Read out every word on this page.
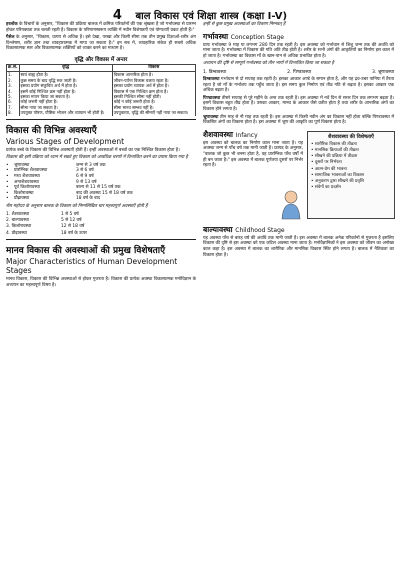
4 बाल विकास एवं शिक्षा शास्त्र (कक्षा I-V)

हरलॉक के विचारों के अनुसार, "विकास की प्रक्रिया बालक में क्रमिक परिवर्तनों की एक श्रृंखला है जो गर्भावस्था से प्रारम्भ होकर परिपक्वता तक चलती रहती है। विकास के परिणामस्वरूप व्यक्ति में नवीन विशेषताएँ एवं योग्यताएँ प्रकट होती हैं।"

गैसेल के अनुसार, "विकास, प्रत्यय से अधिक है। इसे देखा, परखा और किसी सीमा तक तीन प्रमुख दिशाओं-शरीर अंग विश्लेषण, शरीर ज्ञान तथा व्यवहारात्मक में मापा जा सकता है।" इन सब में, व्यवहारिक संकेत ही सबसे अधिक विकासात्मक स्तर और विकासात्मक शक्तियों को व्यक्त करने का माध्यम है।

वृद्धि और विकास में अन्तर
क्र.सं.	वृद्धि	विकास
1.	स्वयं बाह्य होता है।	विकास आन्तरिक होता है।
2.	कुछ समय के बाद वृद्धि रुक जाती है।	जीवन-पर्यन्त विकास चलता रहता है।
3.	इसका प्रयोग संकुचित अर्थ में होता है।	इसका प्रयोग व्यापक अर्थ में होता है।
4.	इसमें कोई निश्चित क्रम नहीं होता है।	विकास में एक निश्चित क्रम होता है।
5.	इसका मापन किया जा सकता है।	इसकी निश्चित सीमा नहीं होती।
6.	कोई जरूरी नहीं होता है।	कोई न कोई जरूरी होता है।
7.	सीमा नापा जा सकता है।	सीमा मानव सम्भव नहीं है।
8.	उपयुक्त पोषण, पौष्टिक भोजन और व्यायाम भी होती है।	उपयुक्तता, वृद्धि की सीमाएँ नहीं नापा जा सकता।
विकास की विभिन्न अवस्थाएँ
Various Stages of Development

प्रत्येक बच्चे के विकास की विभिन्न अवस्थाएँ होती हैं। इन्हीं अवस्थाओं में बच्चों का एक निश्चित विकास होता है।

विकास की इसी प्रक्रिया को ध्यान में रखते हुए विकास को आवधिक चरणों में विभाजित करने का प्रयास किया गया है

•	भ्रूणावस्था	जन्म से 3 वर्ष तक
•	प्रारम्भिक शैशवावस्था	3 से 6 वर्ष
•	मध्य शैशवावस्था	6 से 9 वर्ष
•	अन्तशैशवावस्था	9 से 13 वर्ष
•	पूर्व किशोरावस्था	बाल्य से 11 से 15 वर्ष तक
•	किशोरावस्था	बाद की अवस्था 15 से 18 वर्ष तक
•	प्रौढ़ावस्था	18 वर्ष के बाद

रॉस महोदय के अनुसार बालक के विकास को निम्नलिखित चार महत्त्वपूर्ण अवस्थाएँ होती हैं

1. शैशवावस्था	1 से 5 वर्ष
2. बाल्यावस्था	5 से 12 वर्ष
3. किशोरावस्था	12 से 18 वर्ष
4. प्रौढ़ावस्था	18 वर्ष के ऊपर
मानव विकास की अवस्थाओं की प्रमुख विशेषताएँ
Major Characteristics of Human Development Stages

मानव विकास, विकास की विभिन्न अवस्थाओं से होकर गुजरता है। विकास की प्रत्येक अवस्था विकासात्मक मनोविज्ञान के अध्ययन का महत्त्वपूर्ण विषय है।

इन्हीं से कुछ प्रमुख अवस्थाओं का विवरण निम्नवत् हैं

गर्भावस्था Conception Stage

प्रायः गर्भावस्था 9 माह या लगभग 280 दिन तक रहती है। इस अवस्था को गर्भाधान से शिशु जन्म तक की अवधि को माना जाता है। गर्भावस्था में विकास की गति अति तीव्र होती है। शरीर के सभी अंगों की आकृतियों का निर्माण इस काल में हो जाता है। गर्भावस्था का विकास माँ के खान-पान से अधिक प्रभावित होता है।

अध्ययन की दृष्टि से सम्पूर्ण गर्भावस्था को तीन भागों में विभाजित किया जा सकता है

1. डिम्बावस्था	2. पिण्डावस्था	3. भ्रूणावस्था

डिम्बावस्था गर्भाधान से दो सप्ताह तक रहती है। इसका आकार अण्डे के समान होता है, और यह द्रव-उचर पानिया में तैरता रहता है जो माँ के गर्भाशय तक पहुँच जाता है। इस समय कुल निर्माण एवं तीव्र गति से बढ़ता है। इसका आकार एक अधिक बढ़ता है।

पिण्डावस्था तीसरे सप्ताह से पूरे महीने के अन्त तक रहती है। इस अवस्था में नवें दिन से सत्तर दिन तक लगभग बढ़ता है। इसमें विकास बहुत तीव्र होता है। उसका आकार, मानव के आकार जैसे प्रतीत होता है तथा शरीर के आन्तरिक अंगों का विकास होने लगता है।

भ्रूणावस्था तीन माह से नौ माह तक रहती है। इस अवस्था में किसी नवीन अंग का विकास नहीं होता बल्कि पिण्डावस्था में विकसित अंगों का विकास होता है। इस अवस्था में भ्रूण की आकृति का पूर्ण विकास होता है।

शैशवावस्था Infancy

इस अवस्था को बालक का निर्माण काल माना जाता है। यह अवस्था जन्म से पाँच वर्ष तक मानी जाती है। फ्रायड के अनुसार, "बालक जो कुछ भी बनना होता है, वह प्रारम्भिक पाँच वर्षों में ही बन जाता है।" इस अवस्था में बालक पूर्णतया दूसरों पर निर्भर रहता है।

शैशवावस्था की विशेषताएँ
• शारीरिक विकास की तीव्रता
• मानसिक क्रियाओं की तीव्रता
• सीखने की प्रक्रिया में तीव्रता
• दूसरों पर निर्भरता
• आत्म-प्रेम की भावना
• सामाजिक भावनाओं का विकास
• अनुकरण द्वारा सीखने की प्रवृत्ति
• संवेगों का प्रदर्शन
बाल्यावस्था Childhood Stage

यह अवस्था पाँच से बारह वर्ष की अवधि तक मानी जाती है। इस अवस्था में बालक अनेक परिवर्तनों से गुजरता है इसलिए विकास की दृष्टि से इस अवस्था को एक जटिल अवस्था माना जाता है। मनोवैज्ञानिकों ने इस अवस्था को जीवन का अनोखा काल कहा है। इस अवस्था में बालक का शारीरिक और मानसिक विकास स्थिर होने लगता है। बालक में नैतिकता का विकास होता है।
